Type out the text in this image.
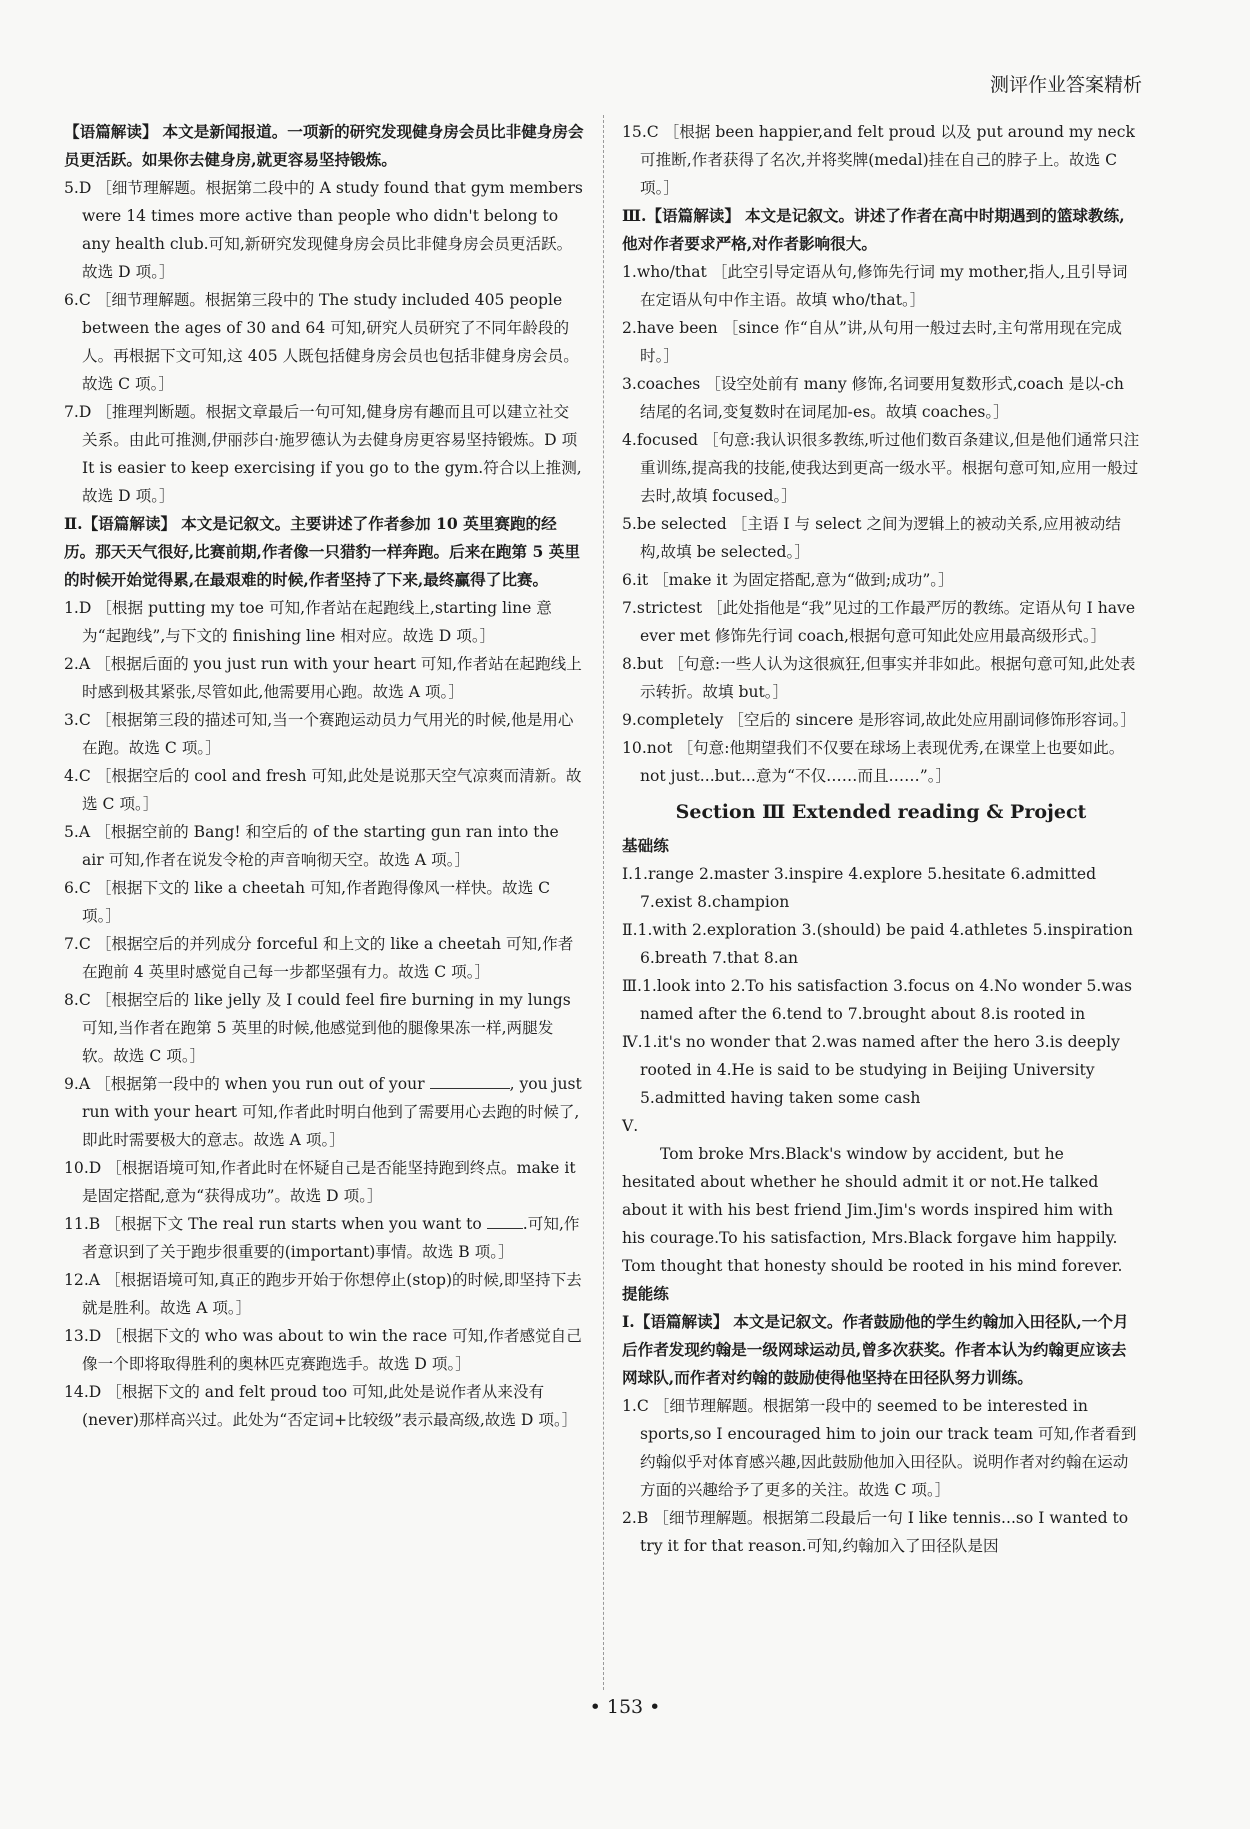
测评作业答案精析

【语篇解读】 本文是新闻报道。一项新的研究发现健身房会员比非健身房会员更活跃。如果你去健身房,就更容易坚持锻炼。

5.D ［细节理解题。根据第二段中的 A study found that gym members were 14 times more active than people who didn't belong to any health club.可知,新研究发现健身房会员比非健身房会员更活跃。故选 D 项。］

6.C ［细节理解题。根据第三段中的 The study included 405 people between the ages of 30 and 64 可知,研究人员研究了不同年龄段的人。再根据下文可知,这 405 人既包括健身房会员也包括非健身房会员。故选 C 项。］

7.D ［推理判断题。根据文章最后一句可知,健身房有趣而且可以建立社交关系。由此可推测,伊丽莎白·施罗德认为去健身房更容易坚持锻炼。D 项 It is easier to keep exercising if you go to the gym.符合以上推测,故选 D 项。］

Ⅱ.【语篇解读】 本文是记叙文。主要讲述了作者参加 10 英里赛跑的经历。那天天气很好,比赛前期,作者像一只猎豹一样奔跑。后来在跑第 5 英里的时候开始觉得累,在最艰难的时候,作者坚持了下来,最终赢得了比赛。

1.D ［根据 putting my toe 可知,作者站在起跑线上,starting line 意为“起跑线”,与下文的 finishing line 相对应。故选 D 项。］

2.A ［根据后面的 you just run with your heart 可知,作者站在起跑线上时感到极其紧张,尽管如此,他需要用心跑。故选 A 项。］

3.C ［根据第三段的描述可知,当一个赛跑运动员力气用光的时候,他是用心在跑。故选 C 项。］

4.C ［根据空后的 cool and fresh 可知,此处是说那天空气凉爽而清新。故选 C 项。］

5.A ［根据空前的 Bang! 和空后的 of the starting gun ran into the air 可知,作者在说发令枪的声音响彻天空。故选 A 项。］

6.C ［根据下文的 like a cheetah 可知,作者跑得像风一样快。故选 C 项。］

7.C ［根据空后的并列成分 forceful 和上文的 like a cheetah 可知,作者在跑前 4 英里时感觉自己每一步都坚强有力。故选 C 项。］

8.C ［根据空后的 like jelly 及 I could feel fire burning in my lungs 可知,当作者在跑第 5 英里的时候,他感觉到他的腿像果冻一样,两腿发软。故选 C 项。］

9.A ［根据第一段中的 when you run out of your	, you just run with your heart 可知,作者此时明白他到了需要用心去跑的时候了,即此时需要极大的意志。故选 A 项。］

10.D ［根据语境可知,作者此时在怀疑自己是否能坚持跑到终点。make it 是固定搭配,意为“获得成功”。故选 D 项。］

11.B ［根据下文 The real run starts when you want to	.可知,作者意识到了关于跑步很重要的(important)事情。故选 B 项。］

12.A ［根据语境可知,真正的跑步开始于你想停止(stop)的时候,即坚持下去就是胜利。故选 A 项。］

13.D ［根据下文的 who was about to win the race 可知,作者感觉自己像一个即将取得胜利的奥林匹克赛跑选手。故选 D 项。］

14.D ［根据下文的 and felt proud too 可知,此处是说作者从来没有(never)那样高兴过。此处为“否定词+比较级”表示最高级,故选 D 项。］

15.C ［根据 been happier,and felt proud 以及 put around my neck 可推断,作者获得了名次,并将奖牌(medal)挂在自己的脖子上。故选 C 项。］

Ⅲ.【语篇解读】 本文是记叙文。讲述了作者在高中时期遇到的篮球教练,他对作者要求严格,对作者影响很大。

1.who/that ［此空引导定语从句,修饰先行词 my mother,指人,且引导词在定语从句中作主语。故填 who/that。］

2.have been ［since 作“自从”讲,从句用一般过去时,主句常用现在完成时。］

3.coaches ［设空处前有 many 修饰,名词要用复数形式,coach 是以-ch 结尾的名词,变复数时在词尾加-es。故填 coaches。］

4.focused ［句意:我认识很多教练,听过他们数百条建议,但是他们通常只注重训练,提高我的技能,使我达到更高一级水平。根据句意可知,应用一般过去时,故填 focused。］

5.be selected ［主语 I 与 select 之间为逻辑上的被动关系,应用被动结构,故填 be selected。］

6.it ［make it 为固定搭配,意为“做到;成功”。］

7.strictest ［此处指他是“我”见过的工作最严厉的教练。定语从句 I have ever met 修饰先行词 coach,根据句意可知此处应用最高级形式。］

8.but ［句意:一些人认为这很疯狂,但事实并非如此。根据句意可知,此处表示转折。故填 but。］

9.completely ［空后的 sincere 是形容词,故此处应用副词修饰形容词。］

10.not ［句意:他期望我们不仅要在球场上表现优秀,在课堂上也要如此。not just...but...意为“不仅……而且……”。］

Section Ⅲ Extended reading & Project

基础练

Ⅰ.1.range 2.master 3.inspire 4.explore 5.hesitate 6.admitted 7.exist 8.champion

Ⅱ.1.with 2.exploration 3.(should) be paid 4.athletes 5.inspiration 6.breath 7.that 8.an

Ⅲ.1.look into 2.To his satisfaction 3.focus on 4.No wonder 5.was named after the 6.tend to 7.brought about 8.is rooted in

Ⅳ.1.it's no wonder that 2.was named after the hero 3.is deeply rooted in 4.He is said to be studying in Beijing University 5.admitted having taken some cash

Ⅴ.

Tom broke Mrs.Black's window by accident, but he hesitated about whether he should admit it or not.He talked about it with his best friend Jim.Jim's words inspired him with his courage.To his satisfaction, Mrs.Black forgave him happily. Tom thought that honesty should be rooted in his mind forever.

提能练

Ⅰ.【语篇解读】 本文是记叙文。作者鼓励他的学生约翰加入田径队,一个月后作者发现约翰是一级网球运动员,曾多次获奖。作者本认为约翰更应该去网球队,而作者对约翰的鼓励使得他坚持在田径队努力训练。

1.C ［细节理解题。根据第一段中的 seemed to be interested in sports,so I encouraged him to join our track team 可知,作者看到约翰似乎对体育感兴趣,因此鼓励他加入田径队。说明作者对约翰在运动方面的兴趣给予了更多的关注。故选 C 项。］

2.B ［细节理解题。根据第二段最后一句 I like tennis...so I wanted to try it for that reason.可知,约翰加入了田径队是因

• 153 •
